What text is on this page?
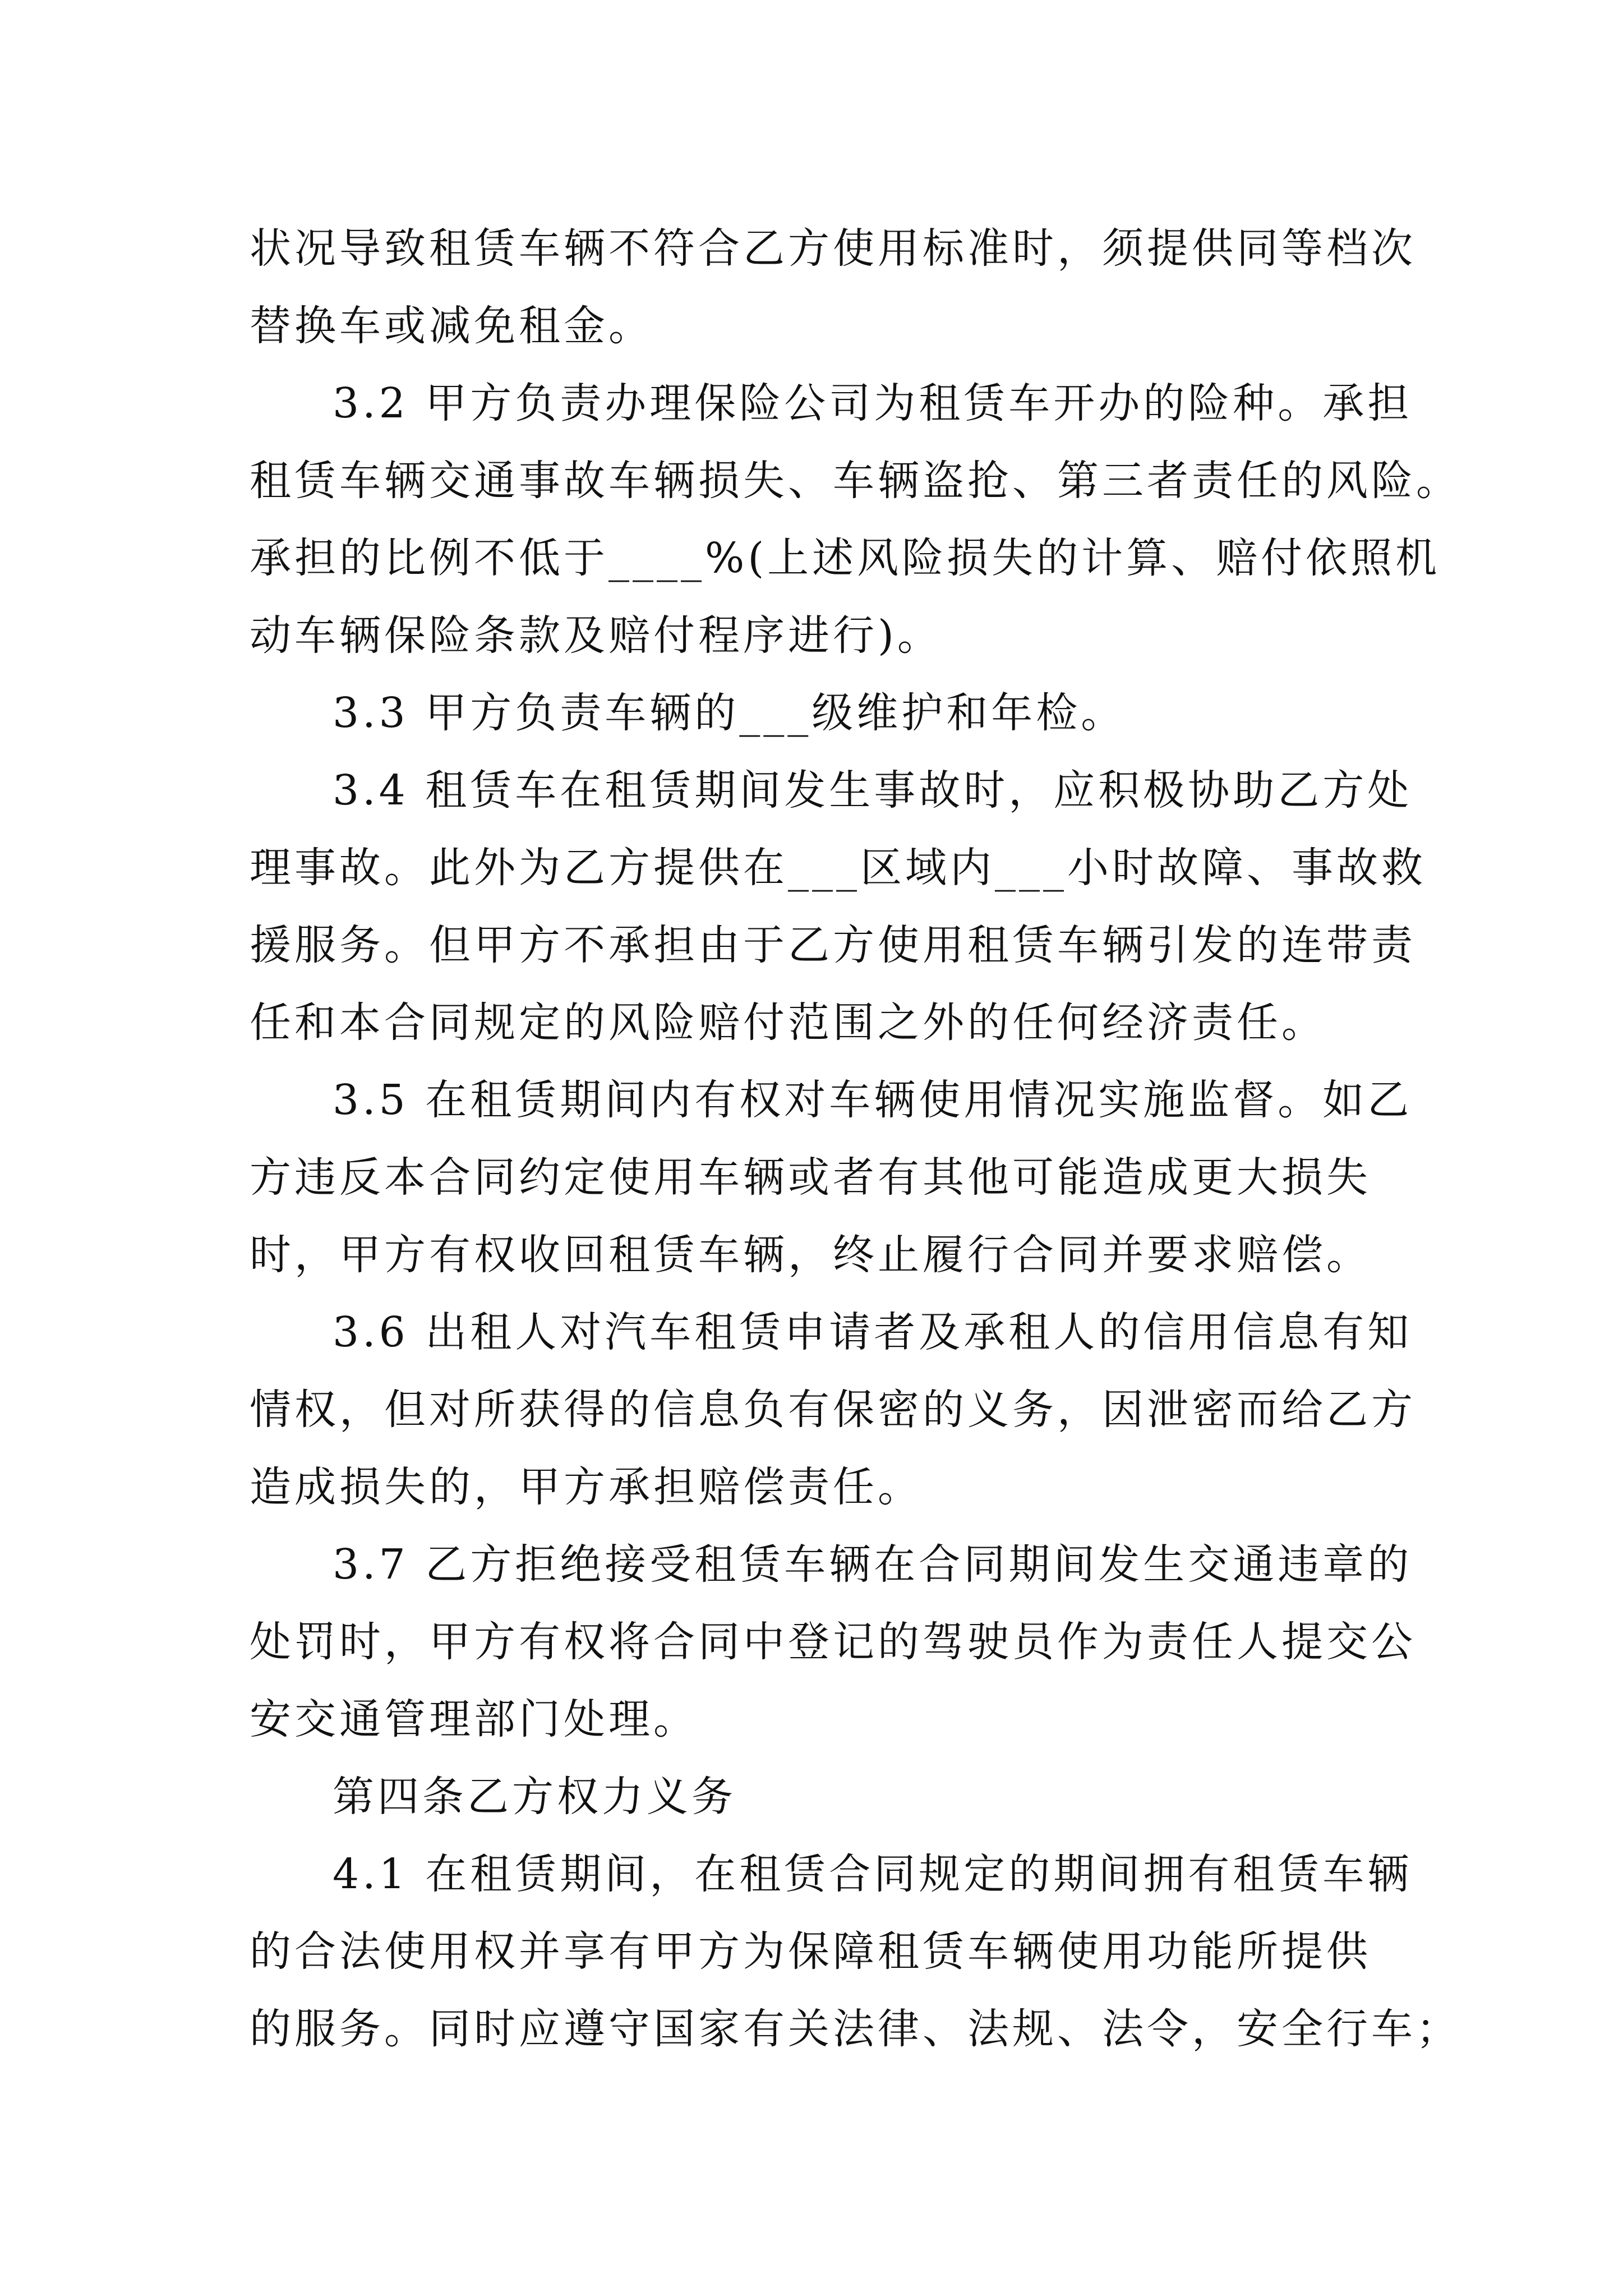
状况导致租赁车辆不符合乙方使用标准时，须提供同等档次
替换车或减免租金。
3.2 甲方负责办理保险公司为租赁车开办的险种。承担
租赁车辆交通事故车辆损失、车辆盗抢、第三者责任的风险。
承担的比例不低于____%(上述风险损失的计算、赔付依照机
动车辆保险条款及赔付程序进行)。
3.3 甲方负责车辆的___级维护和年检。
3.4 租赁车在租赁期间发生事故时，应积极协助乙方处
理事故。此外为乙方提供在___区域内___小时故障、事故救
援服务。但甲方不承担由于乙方使用租赁车辆引发的连带责
任和本合同规定的风险赔付范围之外的任何经济责任。
3.5 在租赁期间内有权对车辆使用情况实施监督。如乙
方违反本合同约定使用车辆或者有其他可能造成更大损失
时，甲方有权收回租赁车辆，终止履行合同并要求赔偿。
3.6 出租人对汽车租赁申请者及承租人的信用信息有知
情权，但对所获得的信息负有保密的义务，因泄密而给乙方
造成损失的，甲方承担赔偿责任。
3.7 乙方拒绝接受租赁车辆在合同期间发生交通违章的
处罚时，甲方有权将合同中登记的驾驶员作为责任人提交公
安交通管理部门处理。
第四条乙方权力义务
4.1 在租赁期间，在租赁合同规定的期间拥有租赁车辆
的合法使用权并享有甲方为保障租赁车辆使用功能所提供
的服务。同时应遵守国家有关法律、法规、法令，安全行车；
